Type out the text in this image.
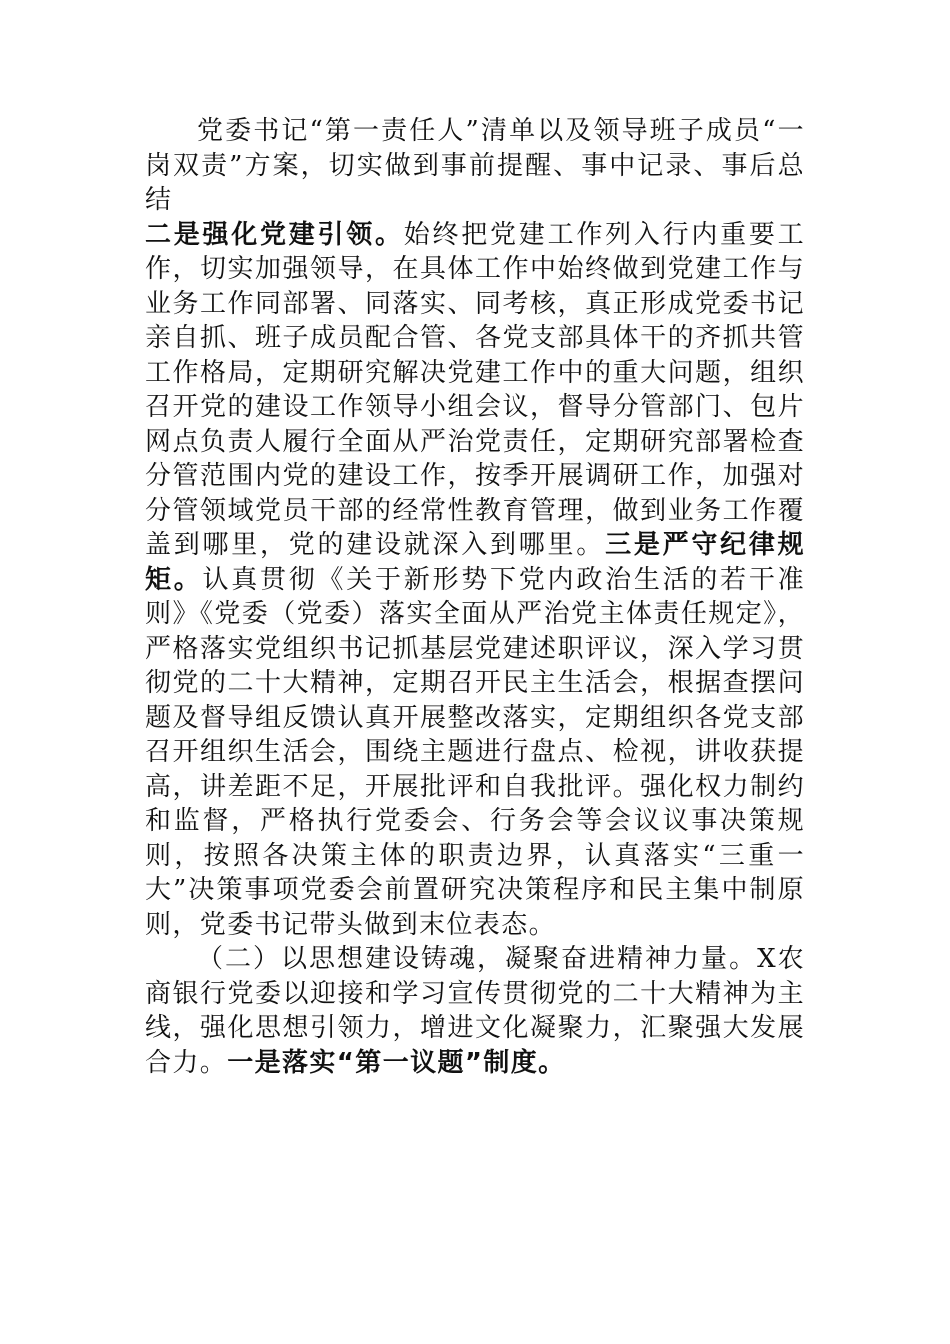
党委书记“第一责任人”清单以及领导班子成员“一岗双责”方案，切实做到事前提醒、事中记录、事后总结

二是强化党建引领。始终把党建工作列入行内重要工作，切实加强领导，在具体工作中始终做到党建工作与业务工作同部署、同落实、同考核，真正形成党委书记亲自抓、班子成员配合管、各党支部具体干的齐抓共管工作格局，定期研究解决党建工作中的重大问题，组织召开党的建设工作领导小组会议，督导分管部门、包片网点负责人履行全面从严治党责任，定期研究部署检查分管范围内党的建设工作，按季开展调研工作，加强对分管领域党员干部的经常性教育管理，做到业务工作覆盖到哪里，党的建设就深入到哪里。三是严守纪律规矩。认真贯彻《关于新形势下党内政治生活的若干准则》《党委（党委）落实全面从严治党主体责任规定》，严格落实党组织书记抓基层党建述职评议，深入学习贯彻党的二十大精神，定期召开民主生活会，根据查摆问题及督导组反馈认真开展整改落实，定期组织各党支部召开组织生活会，围绕主题进行盘点、检视，讲收获提高，讲差距不足，开展批评和自我批评。强化权力制约和监督，严格执行党委会、行务会等会议议事决策规则，按照各决策主体的职责边界，认真落实“三重一大”决策事项党委会前置研究决策程序和民主集中制原则，党委书记带头做到末位表态。

（二）以思想建设铸魂，凝聚奋进精神力量。X农商银行党委以迎接和学习宣传贯彻党的二十大精神为主线，强化思想引领力，增进文化凝聚力，汇聚强大发展合力。一是落实“第一议题”制度。
